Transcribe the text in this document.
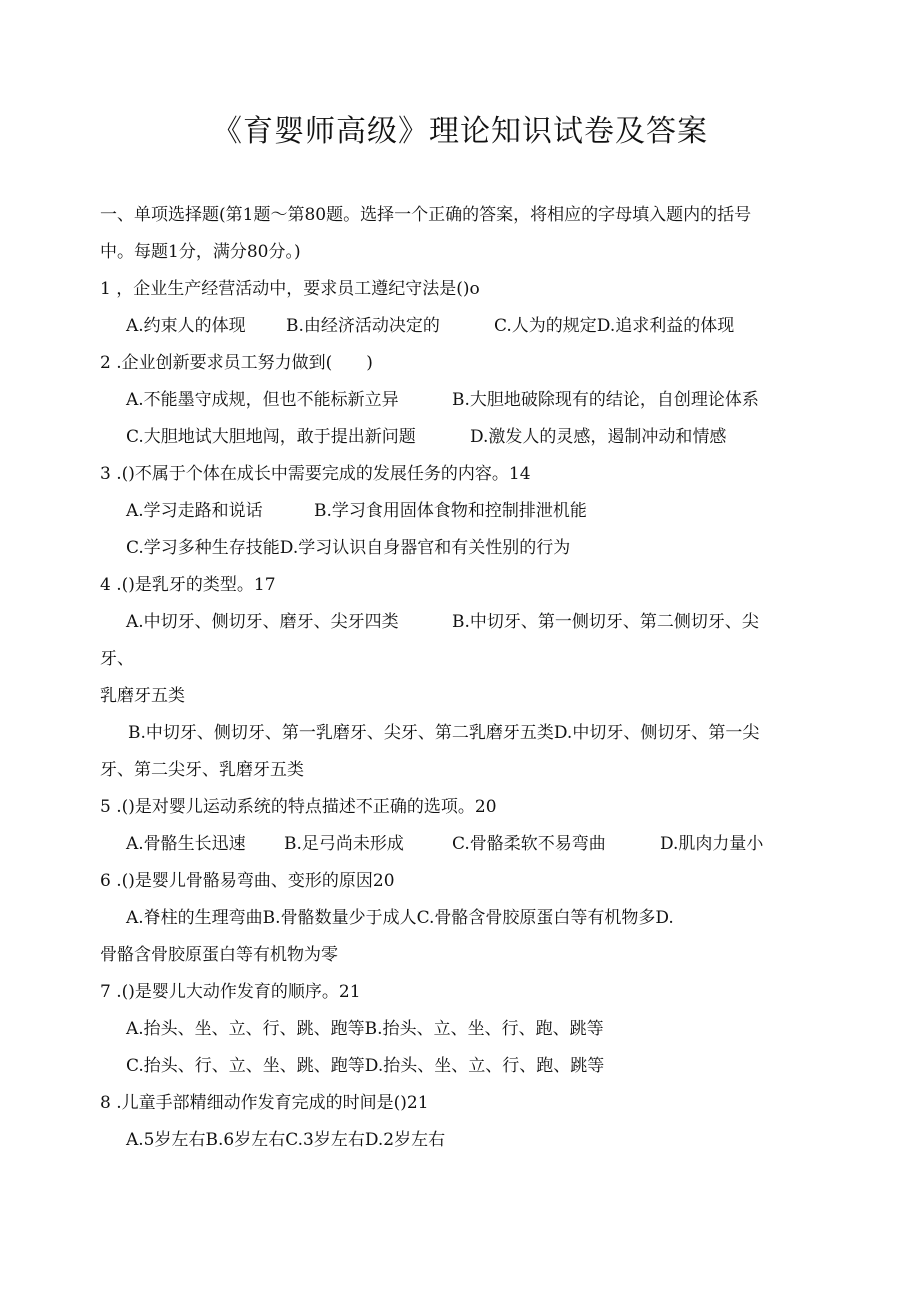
《育婴师高级》理论知识试卷及答案
一、单项选择题(第1题～第80题。选择一个正确的答案，将相应的字母填入题内的括号
中。每题1分，满分80分。)
1 ，企业生产经营活动中，要求员工遵纪守法是()o
A.约束人的体现 B.由经济活动决定的	C.人为的规定D.追求利益的体现
2 .企业创新要求员工努力做到(　　)
A.不能墨守成规，但也不能标新立异	B.大胆地破除现有的结论，自创理论体系
C.大胆地试大胆地闯，敢于提出新问题	D.激发人的灵感，遏制冲动和情感
3 .()不属于个体在成长中需要完成的发展任务的内容。14
A.学习走路和说话	B.学习食用固体食物和控制排泄机能
C.学习多种生存技能D.学习认识自身器官和有关性别的行为
4 .()是乳牙的类型。17
A.中切牙、侧切牙、磨牙、尖牙四类	B.中切牙、第一侧切牙、第二侧切牙、尖
牙、
乳磨牙五类
B.中切牙、侧切牙、第一乳磨牙、尖牙、第二乳磨牙五类D.中切牙、侧切牙、第一尖
牙、第二尖牙、乳磨牙五类
5 .()是对婴儿运动系统的特点描述不正确的选项。20
A.骨骼生长迅速 B.足弓尚未形成	C.骨骼柔软不易弯曲	D.肌肉力量小
6 .()是婴儿骨骼易弯曲、变形的原因20
A.脊柱的生理弯曲B.骨骼数量少于成人C.骨骼含骨胶原蛋白等有机物多D.
骨骼含骨胶原蛋白等有机物为零
7 .()是婴儿大动作发育的顺序。21
A.抬头、坐、立、行、跳、跑等B.抬头、立、坐、行、跑、跳等
C.抬头、行、立、坐、跳、跑等D.抬头、坐、立、行、跑、跳等
8 .儿童手部精细动作发育完成的时间是()21
A.5岁左右B.6岁左右C.3岁左右D.2岁左右
